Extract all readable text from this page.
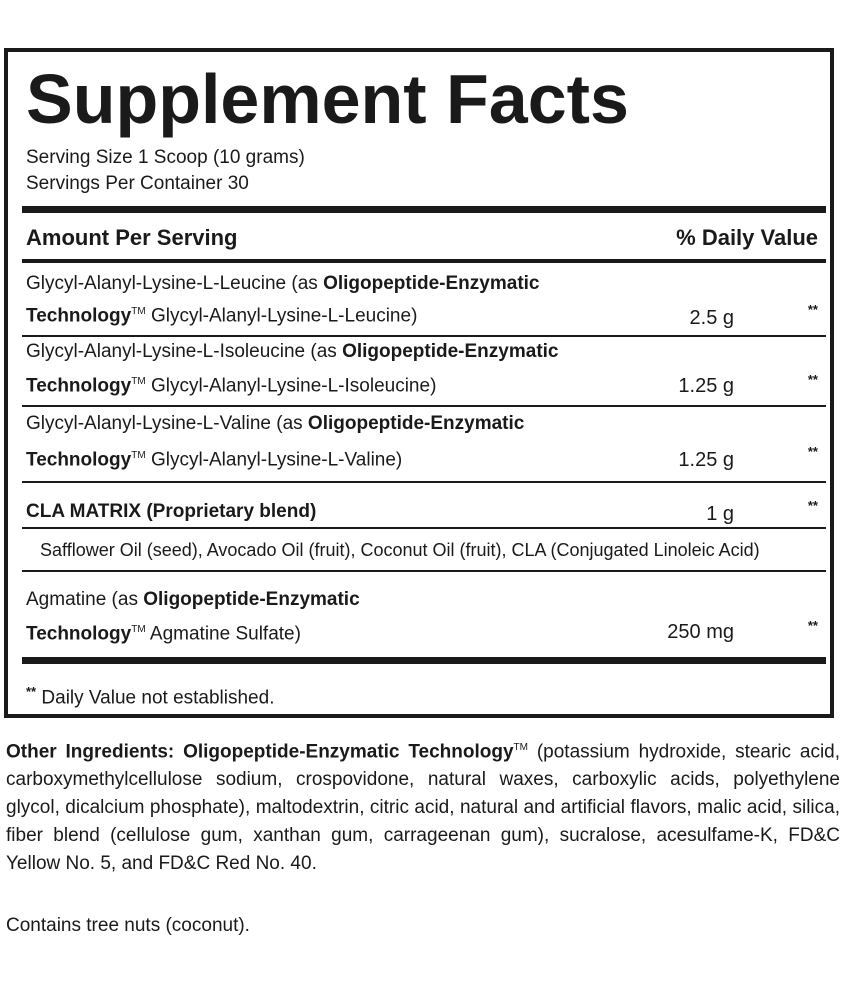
Supplement Facts
Serving Size 1 Scoop (10 grams)
Servings Per Container 30
Amount Per Serving	% Daily Value
Glycyl-Alanyl-Lysine-L-Leucine (as Oligopeptide-Enzymatic
Technology™ Glycyl-Alanyl-Lysine-L-Leucine)	2.5 g	**
Glycyl-Alanyl-Lysine-L-Isoleucine (as Oligopeptide-Enzymatic
Technology™ Glycyl-Alanyl-Lysine-L-Isoleucine)	1.25 g	**
Glycyl-Alanyl-Lysine-L-Valine (as Oligopeptide-Enzymatic
Technology™ Glycyl-Alanyl-Lysine-L-Valine)	1.25 g	**
CLA MATRIX (Proprietary blend)	1 g	**
Safflower Oil (seed), Avocado Oil (fruit), Coconut Oil (fruit), CLA (Conjugated Linoleic Acid)
Agmatine (as Oligopeptide-Enzymatic
Technology™ Agmatine Sulfate)	250 mg	**
** Daily Value not established.
Other Ingredients: Oligopeptide-Enzymatic Technology™ (potassium hydroxide, stearic acid, carboxymethylcellulose sodium, crospovidone, natural waxes, carboxylic acids, polyethylene glycol, dicalcium phosphate), maltodextrin, citric acid, natural and artificial flavors, malic acid, silica, fiber blend (cellulose gum, xanthan gum, carrageenan gum), sucralose, acesulfame-K, FD&C Yellow No. 5, and FD&C Red No. 40.
Contains tree nuts (coconut).
